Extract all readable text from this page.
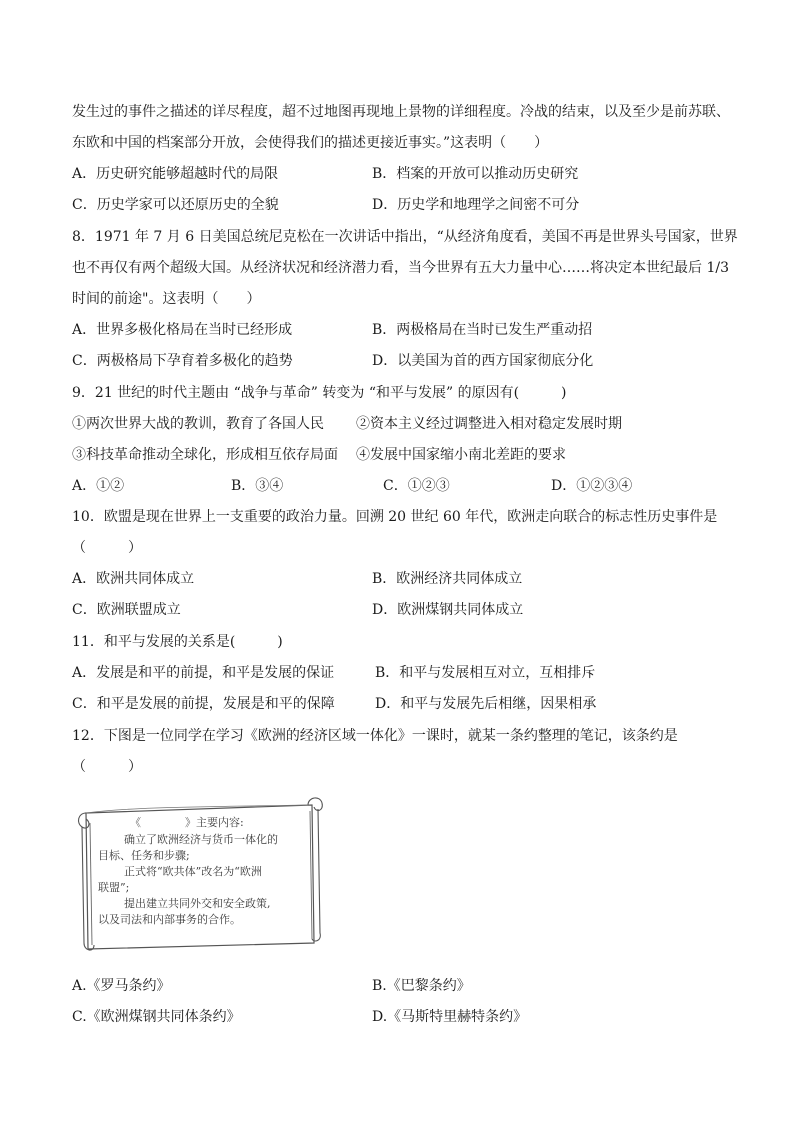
发生过的事件之描述的详尽程度，超不过地图再现地上景物的详细程度。冷战的结束，以及至少是前苏联、
东欧和中国的档案部分开放，会使得我们的描述更接近事实。”这表明（　　）
A．历史研究能够超越时代的局限	B．档案的开放可以推动历史研究
C．历史学家可以还原历史的全貌	D．历史学和地理学之间密不可分
8．1971 年 7 月 6 日美国总统尼克松在一次讲话中指出，“从经济角度看，美国不再是世界头号国家，世界
也不再仅有两个超级大国。从经济状况和经济潜力看，当今世界有五大力量中心……将决定本世纪最后 1/3
时间的前途"。这表明（　　）
A．世界多极化格局在当时已经形成	B．两极格局在当时已发生严重动招
C．两极格局下孕育着多极化的趋势	D．以美国为首的西方国家彻底分化
9．21 世纪的时代主题由 “战争与革命” 转变为 “和平与发展” 的原因有(　　　)
①两次世界大战的教训，教育了各国人民 ②资本主义经过调整进入相对稳定发展时期
③科技革命推动全球化，形成相互依存局面 ④发展中国家缩小南北差距的要求
A．①②	B．③④	C．①②③	D．①②③④
10．欧盟是现在世界上一支重要的政治力量。回溯 20 世纪 60 年代，欧洲走向联合的标志性历史事件是
（　　　）
A．欧洲共同体成立	B．欧洲经济共同体成立
C．欧洲联盟成立	D．欧洲煤钢共同体成立
11．和平与发展的关系是(　　　)
A．发展是和平的前提，和平是发展的保证	B．和平与发展相互对立，互相排斥
C．和平是发展的前提，发展是和平的保障	D．和平与发展先后相继，因果相承
12．下图是一位同学在学习《欧洲的经济区域一体化》一课时，就某一条约整理的笔记，该条约是
（　　　）
《　　　　》主要内容:
确立了欧洲经济与货币一体化的
目标、任务和步骤;
正式将“欧共体”改名为“欧洲
联盟”;
提出建立共同外交和安全政策,
以及司法和内部事务的合作。
A.《罗马条约》	B.《巴黎条约》
C.《欧洲煤钢共同体条约》	D.《马斯特里赫特条约》
